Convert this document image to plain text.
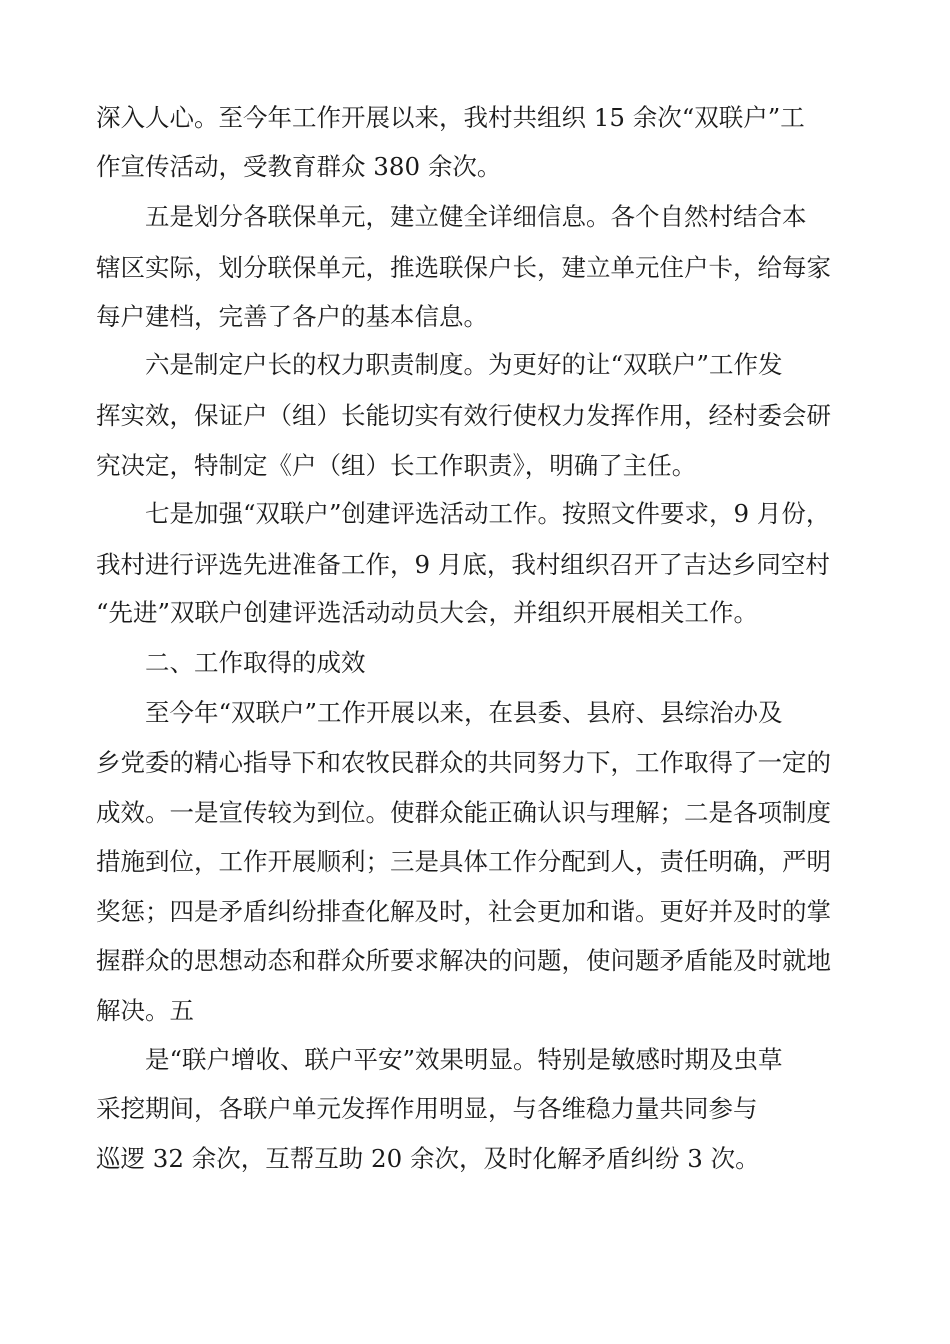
深入人心。至今年工作开展以来，我村共组织 15 余次“双联户”工
作宣传活动，受教育群众 380 余次。
五是划分各联保单元，建立健全详细信息。各个自然村结合本
辖区实际，划分联保单元，推选联保户长，建立单元住户卡，给每家
每户建档，完善了各户的基本信息。
六是制定户长的权力职责制度。为更好的让“双联户”工作发
挥实效，保证户（组）长能切实有效行使权力发挥作用，经村委会研
究决定，特制定《户（组）长工作职责》，明确了主任。
七是加强“双联户”创建评选活动工作。按照文件要求，9 月份，
我村进行评选先进准备工作，9 月底，我村组织召开了吉达乡同空村
“先进”双联户创建评选活动动员大会，并组织开展相关工作。
二、工作取得的成效
至今年“双联户”工作开展以来，在县委、县府、县综治办及
乡党委的精心指导下和农牧民群众的共同努力下，工作取得了一定的
成效。一是宣传较为到位。使群众能正确认识与理解；二是各项制度
措施到位，工作开展顺利；三是具体工作分配到人，责任明确，严明
奖惩；四是矛盾纠纷排查化解及时，社会更加和谐。更好并及时的掌
握群众的思想动态和群众所要求解决的问题，使问题矛盾能及时就地
解决。五
是“联户增收、联户平安”效果明显。特别是敏感时期及虫草
采挖期间，各联户单元发挥作用明显，与各维稳力量共同参与
巡逻 32 余次，互帮互助 20 余次，及时化解矛盾纠纷 3 次。
